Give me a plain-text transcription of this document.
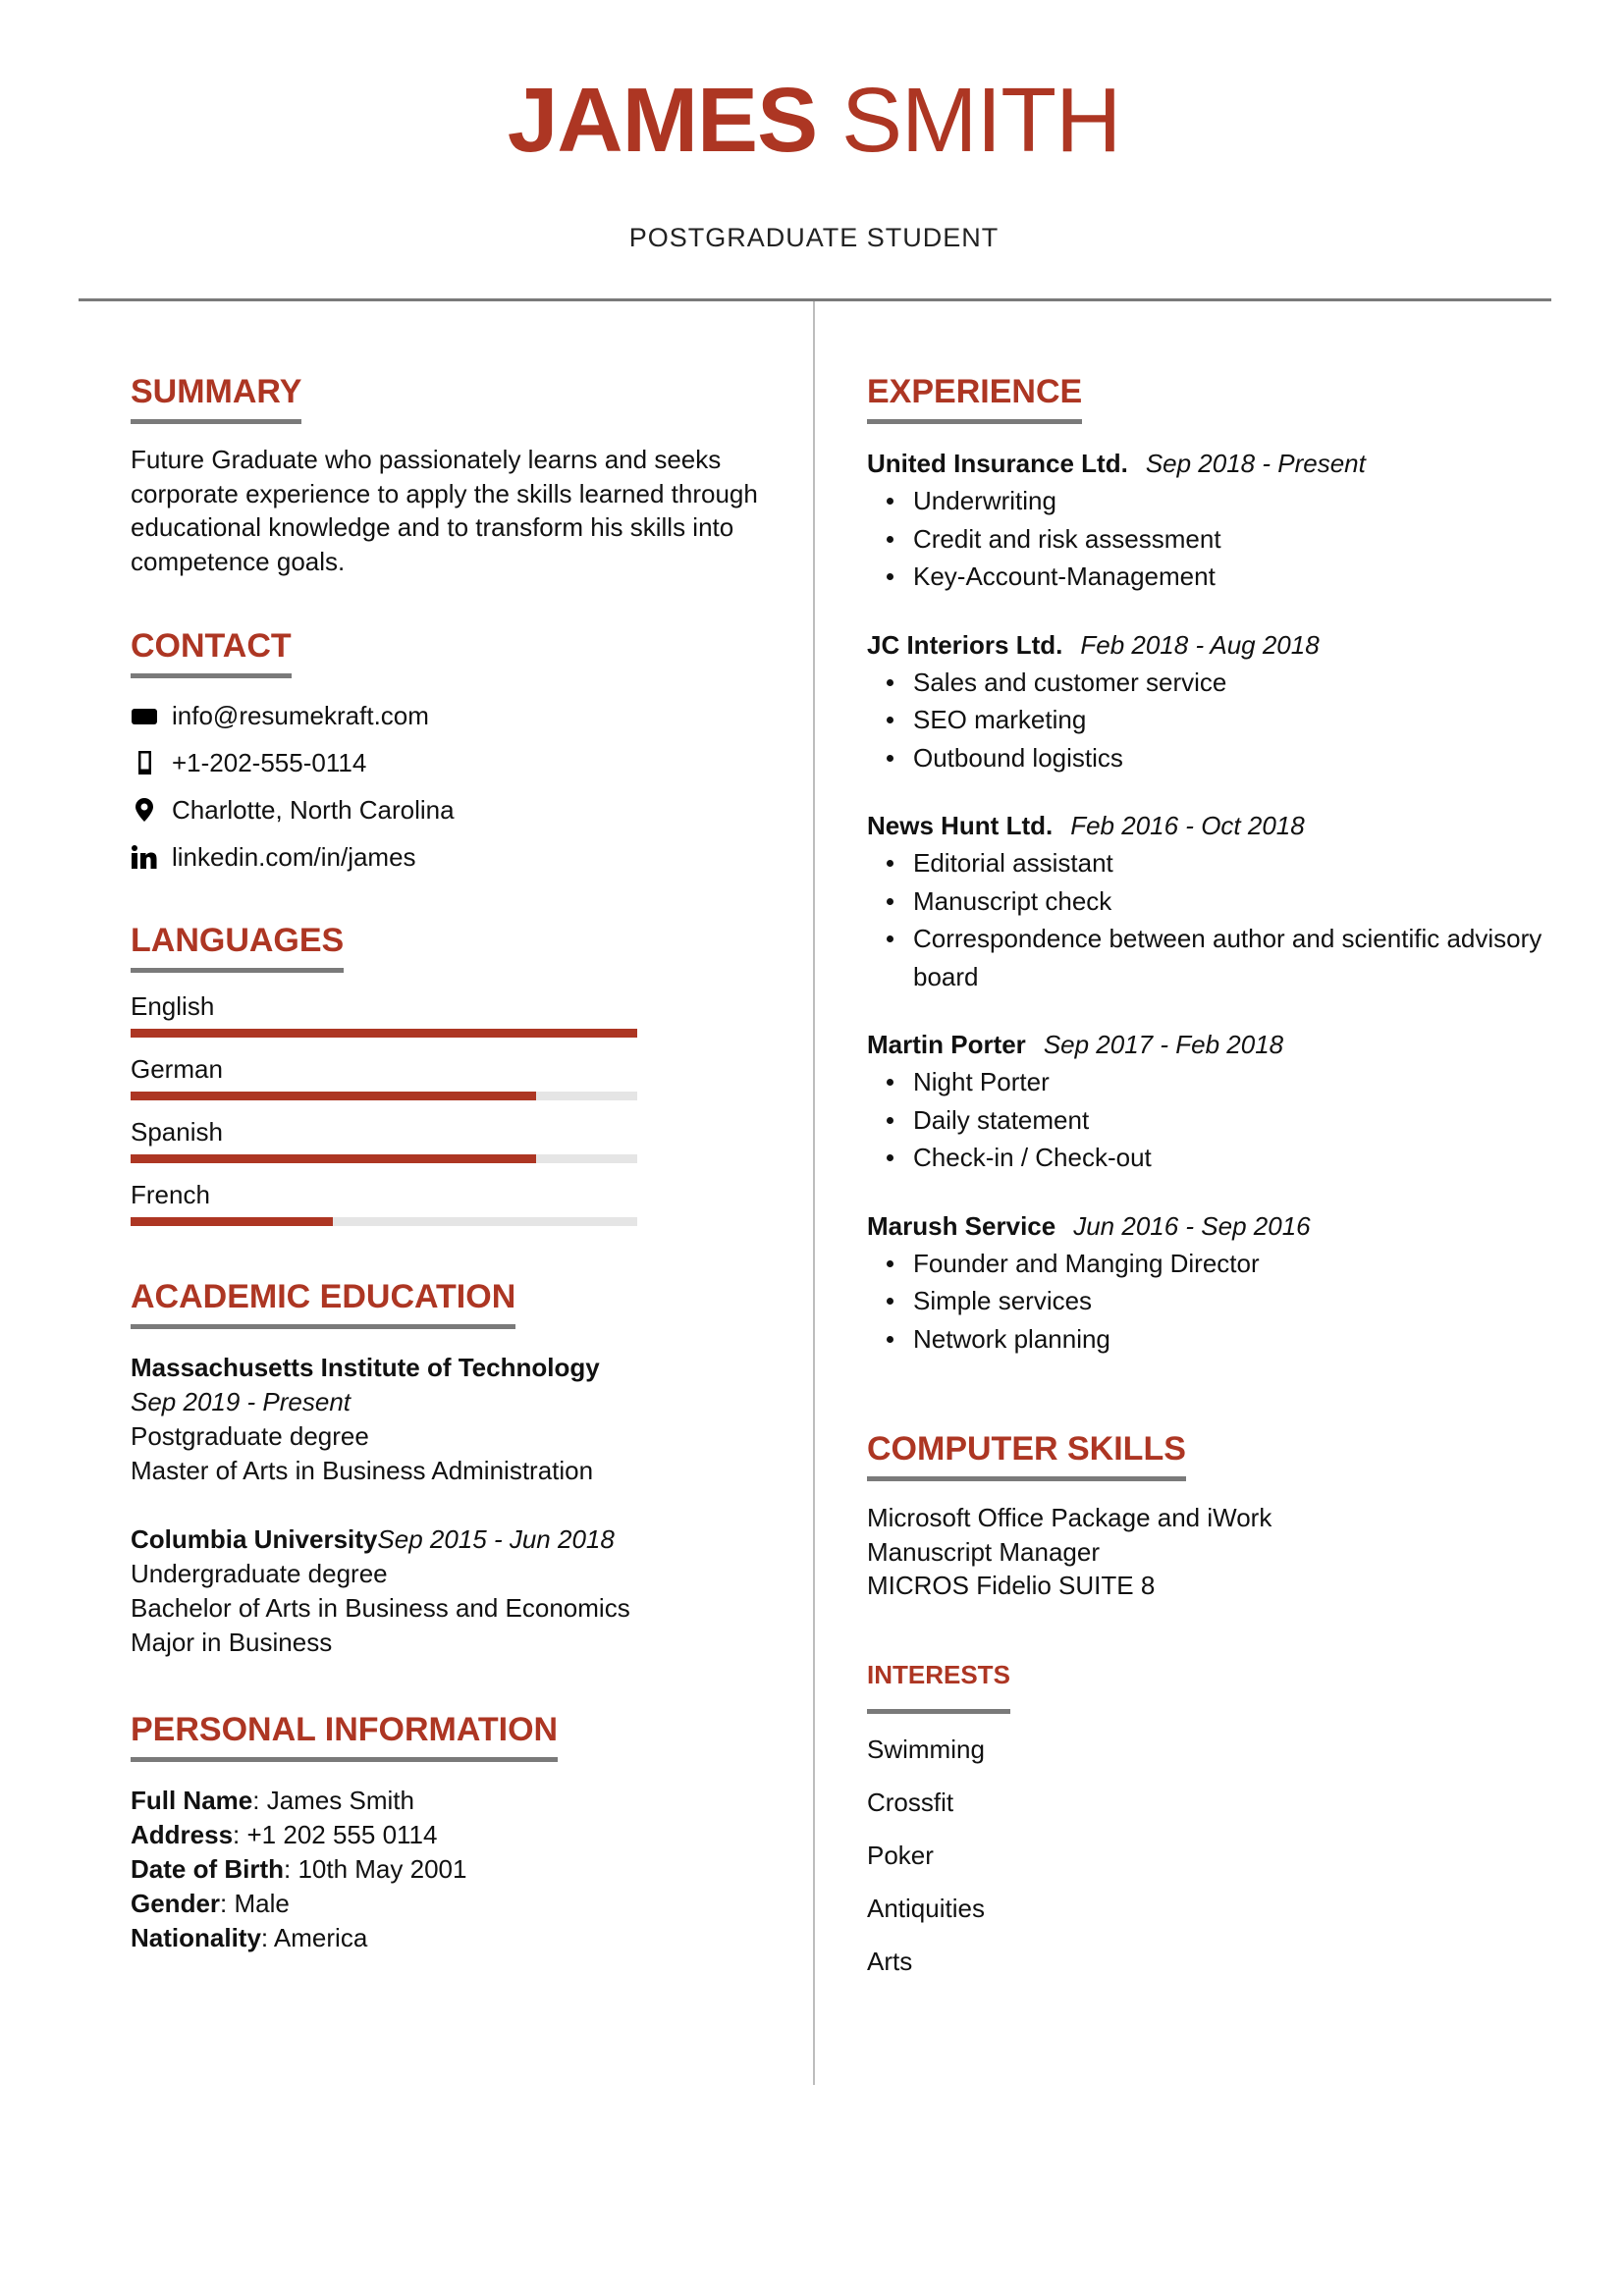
JAMES SMITH
POSTGRADUATE STUDENT
SUMMARY
Future Graduate who passionately learns and seeks corporate experience to apply the skills learned through educational knowledge and to transform his skills into competence goals.
CONTACT
info@resumekraft.com
+1-202-555-0114
Charlotte, North Carolina
linkedin.com/in/james
LANGUAGES
English
German
Spanish
French
ACADEMIC EDUCATION
Massachusetts Institute of Technology
Sep 2019 - Present
Postgraduate degree
Master of Arts in Business Administration
Columbia UniversitySep 2015 - Jun 2018
Undergraduate degree
Bachelor of Arts in Business and Economics
Major in Business
PERSONAL INFORMATION
Full Name: James Smith
Address: +1 202 555 0114
Date of Birth: 10th May 2001
Gender: Male
Nationality: America
EXPERIENCE
United Insurance Ltd. Sep 2018 - Present
Underwriting
Credit and risk assessment
Key-Account-Management
JC Interiors Ltd. Feb 2018 - Aug 2018
Sales and customer service
SEO marketing
Outbound logistics
News Hunt Ltd. Feb 2016 - Oct 2018
Editorial assistant
Manuscript check
Correspondence between author and scientific advisory board
Martin Porter Sep 2017 - Feb 2018
Night Porter
Daily statement
Check-in / Check-out
Marush Service Jun 2016 - Sep 2016
Founder and Manging Director
Simple services
Network planning
COMPUTER SKILLS
Microsoft Office Package and iWork
Manuscript Manager
MICROS Fidelio SUITE 8
INTERESTS
Swimming
Crossfit
Poker
Antiquities
Arts
